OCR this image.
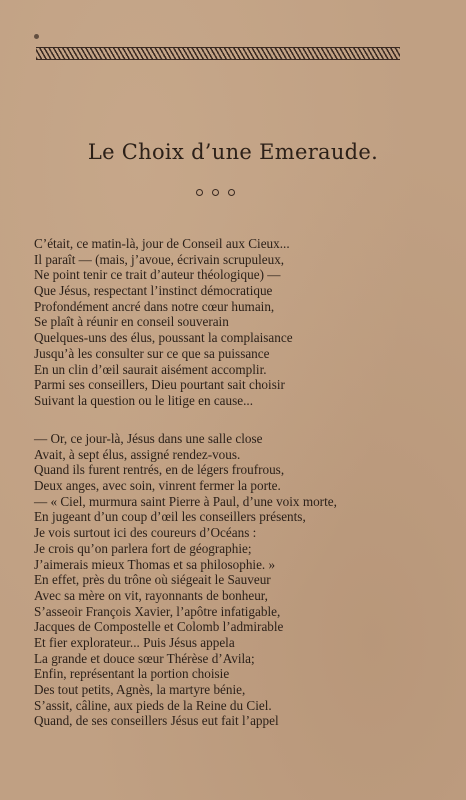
Le Choix d’une Emeraude.
C’était, ce matin-là, jour de Conseil aux Cieux...
Il paraît — (mais, j’avoue, écrivain scrupuleux,
Ne point tenir ce trait d’auteur théologique) —
Que Jésus, respectant l’instinct démocratique
Profondément ancré dans notre cœur humain,
Se plaît à réunir en conseil souverain
Quelques-uns des élus, poussant la complaisance
Jusqu’à les consulter sur ce que sa puissance
En un clin d’œil saurait aisément accomplir.
Parmi ses conseillers, Dieu pourtant sait choisir
Suivant la question ou le litige en cause...
— Or, ce jour-là, Jésus dans une salle close
Avait, à sept élus, assigné rendez-vous.
Quand ils furent rentrés, en de légers froufrous,
Deux anges, avec soin, vinrent fermer la porte.
— « Ciel, murmura saint Pierre à Paul, d’une voix morte,
En jugeant d’un coup d’œil les conseillers présents,
Je vois surtout ici des coureurs d’Océans :
Je crois qu’on parlera fort de géographie;
J’aimerais mieux Thomas et sa philosophie. »
En effet, près du trône où siégeait le Sauveur
Avec sa mère on vit, rayonnants de bonheur,
S’asseoir François Xavier, l’apôtre infatigable,
Jacques de Compostelle et Colomb l’admirable
Et fier explorateur... Puis Jésus appela
La grande et douce sœur Thérèse d’Avila;
Enfin, représentant la portion choisie
Des tout petits, Agnès, la martyre bénie,
S’assit, câline, aux pieds de la Reine du Ciel.
Quand, de ses conseillers Jésus eut fait l’appel
